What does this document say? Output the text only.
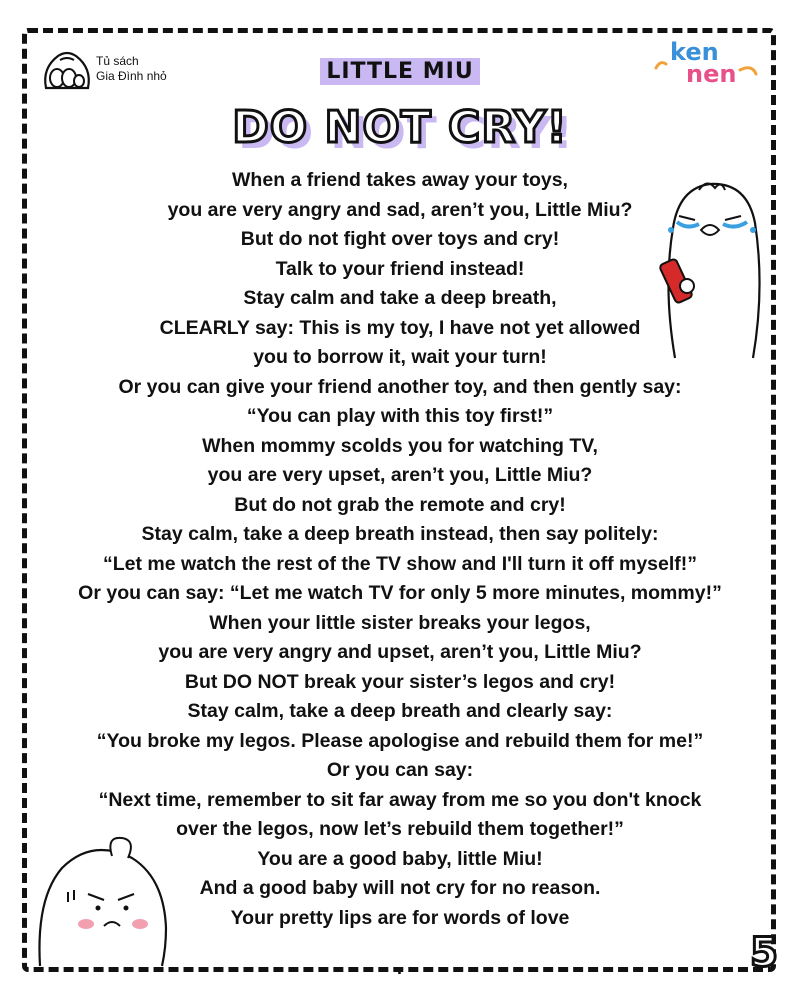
Tủ sách
Gia Đình nhỏ
ken
nen
LITTLE MIU
DO NOT CRY!
When a friend takes away your toys,
you are very angry and sad, aren’t you, Little Miu?
But do not fight over toys and cry!
Talk to your friend instead!
Stay calm and take a deep breath,
CLEARLY say: This is my toy, I have not yet allowed
you to borrow it, wait your turn!
Or you can give your friend another toy, and then gently say:
“You can play with this toy first!”
When mommy scolds you for watching TV,
you are very upset, aren’t you, Little Miu?
But do not grab the remote and cry!
Stay calm, take a deep breath instead, then say politely:
“Let me watch the rest of the TV show and I'll turn it off myself!”
Or you can say: “Let me watch TV for only 5 more minutes, mommy!”
When your little sister breaks your legos,
you are very angry and upset, aren’t you, Little Miu?
But DO NOT break your sister’s legos and cry!
Stay calm, take a deep breath and clearly say:
“You broke my legos. Please apologise and rebuild them for me!”
Or you can say:
“Next time, remember to sit far away from me so you don't knock
over the legos, now let’s rebuild them together!”
You are a good baby, little Miu!
And a good baby will not cry for no reason.
Your pretty lips are for words of love
.	5
